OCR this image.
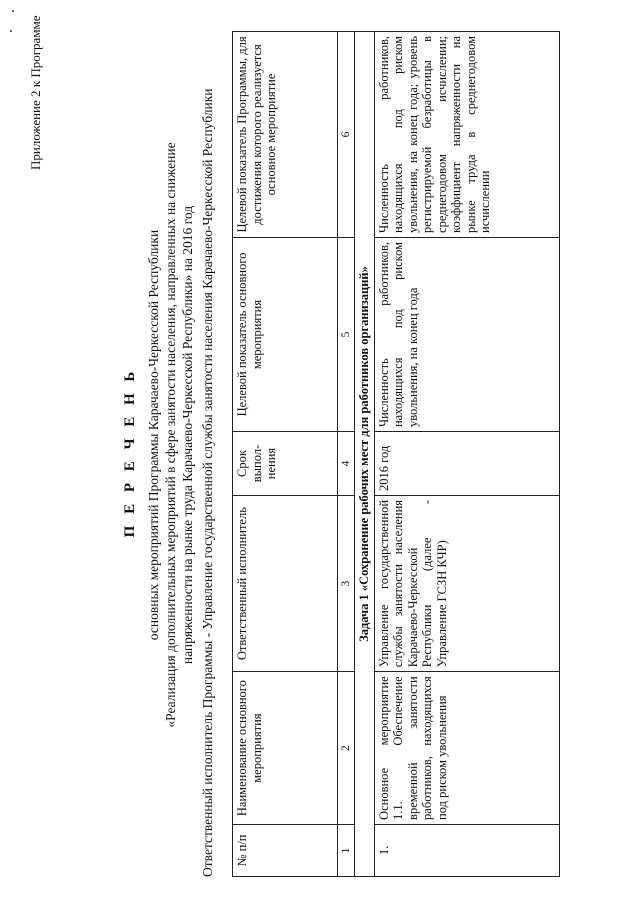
Приложение 2 к Программе
П Е Р Е Ч Е Н Ь основных мероприятий Программы Карачаево-Черкесской Республики «Реализация дополнительных мероприятий в сфере занятости населения, направленных на снижение напряженности на рынке труда Карачаево-Черкесской Республики» на 2016 год Ответственный исполнитель Программы - Управление государственной службы занятости населения Карачаево-Черкесской Республики № п/п	Наименование основного мероприятия	Ответственный исполнитель	Срок выпол-нения	Целевой показатель основного мероприятия	Целевой показатель Программы, для достижения которого реализуется основное мероприятие
1	2	3	4	5	6
Задача 1 «Сохранение рабочих мест для работников организаций»					
1.	Основное мероприятие 1.1. Обеспечение временной занятости работников, находящихся под риском увольнения	Управление государственной службы занятости населения Карачаево-Черкесской Республики (далее - Управление ГСЗН КЧР)	2016 год	Численность работников, находящихся под риском увольнения, на конец года	Численность работников, находящихся под риском увольнения, на конец года; уровень регистрируемой безработицы в среднегодовом исчислении; коэффициент напряженности на рынке труда в среднегодовом исчислении
